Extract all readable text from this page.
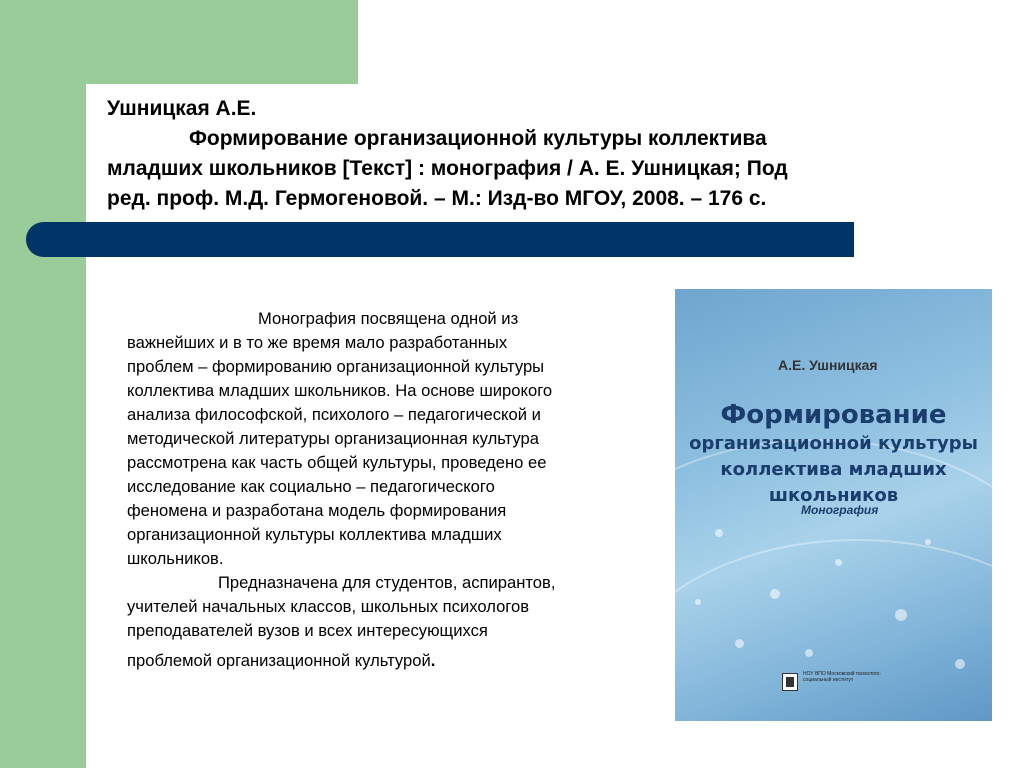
Ушницкая А.Е.
Формирование организационной культуры коллектива
младших школьников [Текст] : монография / А. Е. Ушницкая; Под
ред. проф. М.Д. Гермогеновой. – М.: Изд-во МГОУ, 2008. – 176 с.
Монография посвящена одной из
важнейших и в то же время мало разработанных
проблем – формированию организационной культуры
коллектива младших школьников. На основе широкого
анализа философской, психолого – педагогической и
методической литературы организационная культура
рассмотрена как часть общей культуры, проведено ее
исследование как социально – педагогического
феномена и разработана модель формирования
организационной культуры коллектива младших
школьников.
Предназначена для студентов, аспирантов,
учителей начальных классов, школьных психологов
преподавателей вузов и всех интересующихся
проблемой организационной культурой.
А.Е. Ушницкая
Формирование
организационной культуры
коллектива младших школьников
Монография
НОУ ВПО Московский психолого-социальный институт
